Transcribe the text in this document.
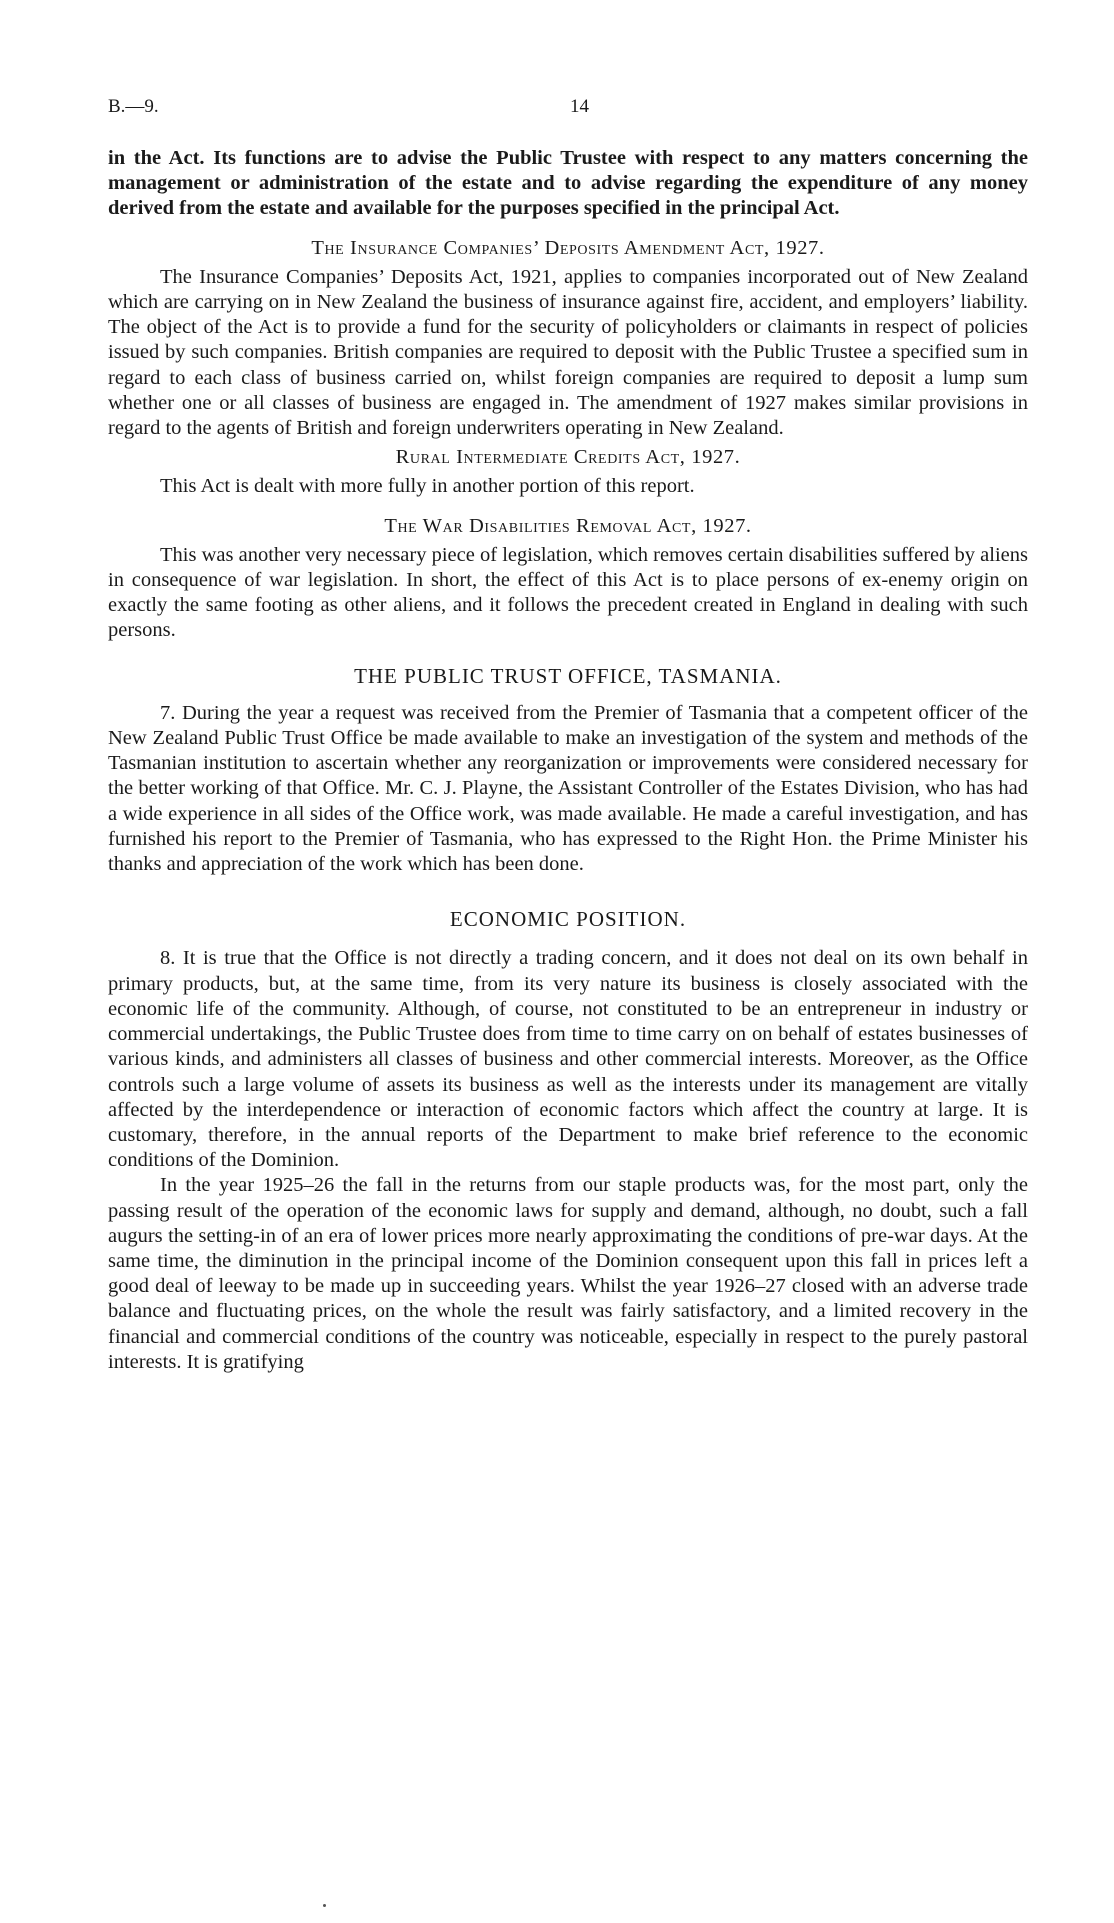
B.—9.	14

in the Act. Its functions are to advise the Public Trustee with respect to any matters concerning the management or administration of the estate and to advise regarding the expenditure of any money derived from the estate and available for the purposes specified in the principal Act.

The Insurance Companies’ Deposits Amendment Act, 1927.

The Insurance Companies’ Deposits Act, 1921, applies to companies incorporated out of New Zealand which are carrying on in New Zealand the business of insurance against fire, accident, and employers’ liability. The object of the Act is to provide a fund for the security of policyholders or claimants in respect of policies issued by such companies. British companies are required to deposit with the Public Trustee a specified sum in regard to each class of business carried on, whilst foreign companies are required to deposit a lump sum whether one or all classes of business are engaged in. The amendment of 1927 makes similar provisions in regard to the agents of British and foreign underwriters operating in New Zealand.

Rural Intermediate Credits Act, 1927.

This Act is dealt with more fully in another portion of this report.

The War Disabilities Removal Act, 1927.

This was another very necessary piece of legislation, which removes certain disabilities suffered by aliens in consequence of war legislation. In short, the effect of this Act is to place persons of ex-enemy origin on exactly the same footing as other aliens, and it follows the precedent created in England in dealing with such persons.

THE PUBLIC TRUST OFFICE, TASMANIA.

7. During the year a request was received from the Premier of Tasmania that a competent officer of the New Zealand Public Trust Office be made available to make an investigation of the system and methods of the Tasmanian institution to ascertain whether any reorganization or improvements were considered necessary for the better working of that Office. Mr. C. J. Playne, the Assistant Controller of the Estates Division, who has had a wide experience in all sides of the Office work, was made available. He made a careful investigation, and has furnished his report to the Premier of Tasmania, who has expressed to the Right Hon. the Prime Minister his thanks and appreciation of the work which has been done.

ECONOMIC POSITION.

8. It is true that the Office is not directly a trading concern, and it does not deal on its own behalf in primary products, but, at the same time, from its very nature its business is closely associated with the economic life of the community. Although, of course, not constituted to be an entrepreneur in industry or commercial undertakings, the Public Trustee does from time to time carry on on behalf of estates businesses of various kinds, and administers all classes of business and other commercial interests. Moreover, as the Office controls such a large volume of assets its business as well as the interests under its management are vitally affected by the interdependence or interaction of economic factors which affect the country at large. It is customary, therefore, in the annual reports of the Department to make brief reference to the economic conditions of the Dominion.

In the year 1925–26 the fall in the returns from our staple products was, for the most part, only the passing result of the operation of the economic laws for supply and demand, although, no doubt, such a fall augurs the setting-in of an era of lower prices more nearly approximating the conditions of pre-war days. At the same time, the diminution in the principal income of the Dominion consequent upon this fall in prices left a good deal of leeway to be made up in succeeding years. Whilst the year 1926–27 closed with an adverse trade balance and fluctuating prices, on the whole the result was fairly satisfactory, and a limited recovery in the financial and commercial conditions of the country was noticeable, especially in respect to the purely pastoral interests. It is gratifying
